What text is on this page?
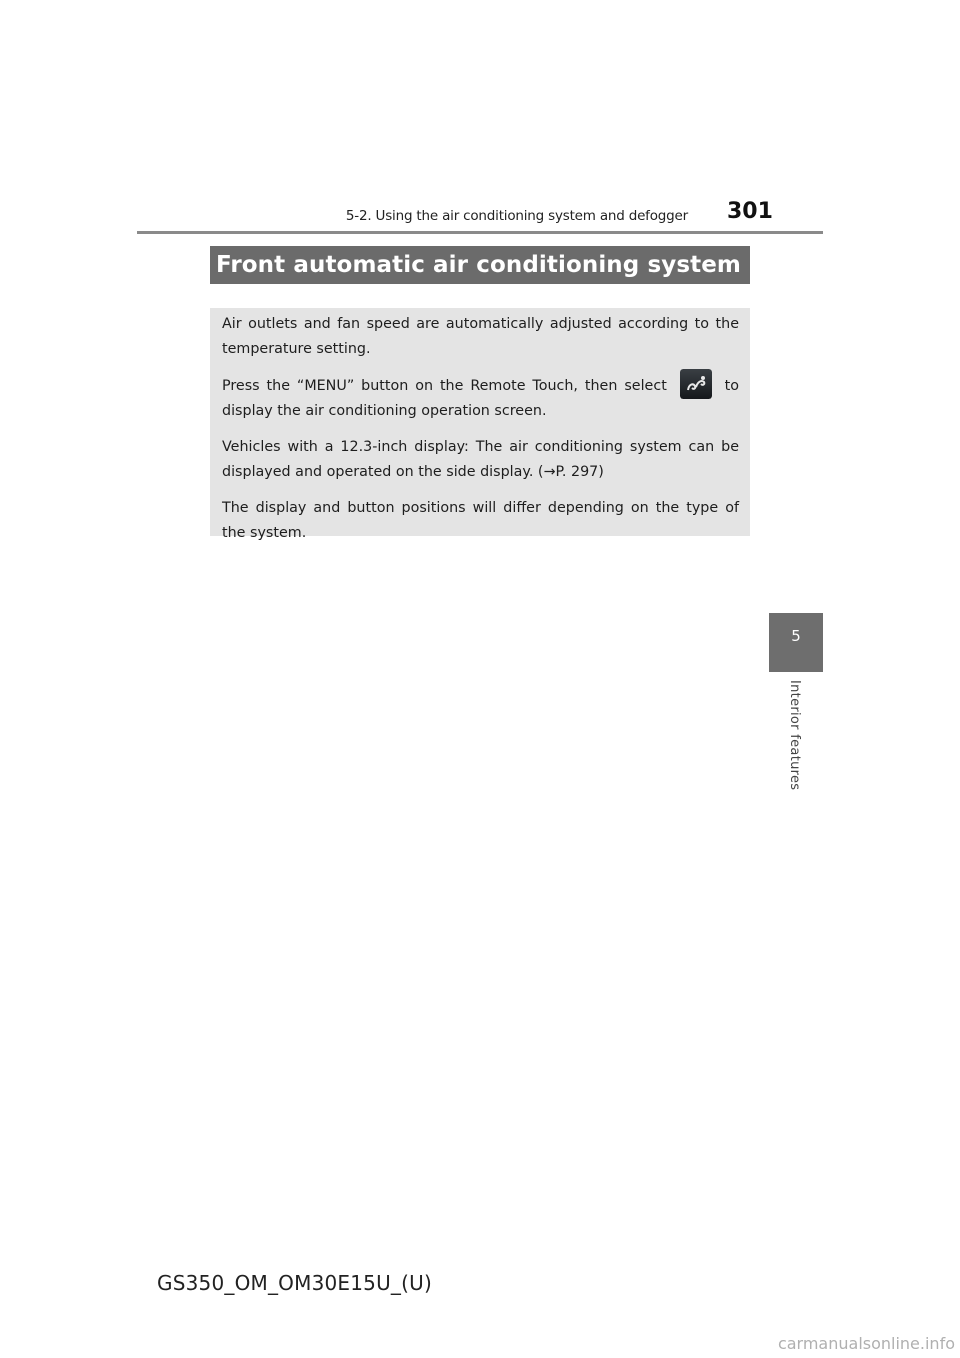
5-2. Using the air conditioning system and defogger 301
Front automatic air conditioning system

Air outlets and fan speed are automatically adjusted according to the temperature setting.

Press the “MENU” button on the Remote Touch, then select	to display the air conditioning operation screen.

Vehicles with a 12.3-inch display: The air conditioning system can be displayed and operated on the side display. (→P. 297)

The display and button positions will differ depending on the type of the system.

5
Interior features
GS350_OM_OM30E15U_(U)
carmanualsonline.info
